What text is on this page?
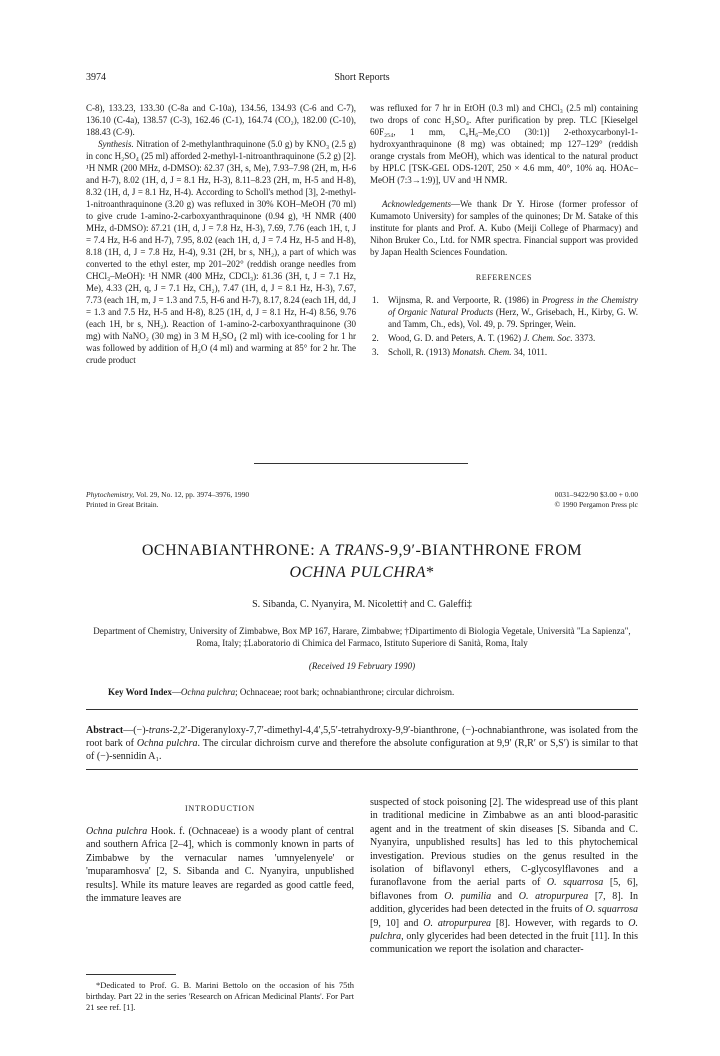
3974	Short Reports

C-8), 133.23, 133.30 (C-8a and C-10a), 134.56, 134.93 (C-6 and C-7), 136.10 (C-4a), 138.57 (C-3), 162.46 (C-1), 164.74 (CO₂), 182.00 (C-10), 188.43 (C-9).

Synthesis. Nitration of 2-methylanthraquinone (5.0 g) by KNO₃ (2.5 g) in conc H₂SO₄ (25 ml) afforded 2-methyl-1-nitroanthraquinone (5.2 g) [2]. ¹H NMR (200 MHz, d-DMSO): δ2.37 (3H, s, Me), 7.93–7.98 (2H, m, H-6 and H-7), 8.02 (1H, d, J = 8.1 Hz, H-3), 8.11–8.23 (2H, m, H-5 and H-8), 8.32 (1H, d, J = 8.1 Hz, H-4). According to Scholl's method [3], 2-methyl-1-nitroanthraquinone (3.20 g) was refluxed in 30% KOH–MeOH (70 ml) to give crude 1-amino-2-carboxyanthraquinone (0.94 g), ¹H NMR (400 MHz, d-DMSO): δ7.21 (1H, d, J = 7.8 Hz, H-3), 7.69, 7.76 (each 1H, t, J = 7.4 Hz, H-6 and H-7), 7.95, 8.02 (each 1H, d, J = 7.4 Hz, H-5 and H-8), 8.18 (1H, d, J = 7.8 Hz, H-4), 9.31 (2H, br s, NH₂), a part of which was converted to the ethyl ester, mp 201–202° (reddish orange needles from CHCl₃–MeOH): ¹H NMR (400 MHz, CDCl₃): δ1.36 (3H, t, J = 7.1 Hz, Me), 4.33 (2H, q, J = 7.1 Hz, CH₂), 7.47 (1H, d, J = 8.1 Hz, H-3), 7.67, 7.73 (each 1H, m, J = 1.3 and 7.5, H-6 and H-7), 8.17, 8.24 (each 1H, dd, J = 1.3 and 7.5 Hz, H-5 and H-8), 8.25 (1H, d, J = 8.1 Hz, H-4) 8.56, 9.76 (each 1H, br s, NH₂). Reaction of 1-amino-2-carboxyanthraquinone (30 mg) with NaNO₂ (30 mg) in 3 M H₂SO₄ (2 ml) with ice-cooling for 1 hr was followed by addition of H₂O (4 ml) and warming at 85° for 2 hr. The crude product

was refluxed for 7 hr in EtOH (0.3 ml) and CHCl₃ (2.5 ml) containing two drops of conc H₂SO₄. After purification by prep. TLC [Kieselgel 60F₂₅₄, 1 mm, C₆H₆–Me₂CO (30:1)] 2-ethoxycarbonyl-1-hydroxyanthraquinone (8 mg) was obtained; mp 127–129° (reddish orange crystals from MeOH), which was identical to the natural product by HPLC [TSK-GEL ODS-120T, 250 × 4.6 mm, 40°, 10% aq. HOAc–MeOH (7:3→1:9)], UV and ¹H NMR.

Acknowledgements—We thank Dr Y. Hirose (former professor of Kumamoto University) for samples of the quinones; Dr M. Satake of this institute for plants and Prof. A. Kubo (Meiji College of Pharmacy) and Nihon Bruker Co., Ltd. for NMR spectra. Financial support was provided by Japan Health Sciences Foundation.

REFERENCES

1. Wijnsma, R. and Verpoorte, R. (1986) in Progress in the Chemistry of Organic Natural Products (Herz, W., Grisebach, H., Kirby, G. W. and Tamm, Ch., eds), Vol. 49, p. 79. Springer, Wein.
2. Wood, G. D. and Peters, A. T. (1962) J. Chem. Soc. 3373.
3. Scholl, R. (1913) Monatsh. Chem. 34, 1011.
Phytochemistry, Vol. 29, No. 12, pp. 3974–3976, 1990
Printed in Great Britain.
0031–9422/90 $3.00 + 0.00
© 1990 Pergamon Press plc
OCHNABIANTHRONE: A TRANS-9,9′-BIANTHRONE FROM
OCHNA PULCHRA*
S. Sibanda, C. Nyanyira, M. Nicoletti† and C. Galeffi‡
Department of Chemistry, University of Zimbabwe, Box MP 167, Harare, Zimbabwe; †Dipartimento di Biologia Vegetale, Università "La Sapienza", Roma, Italy; ‡Laboratorio di Chimica del Farmaco, Istituto Superiore di Sanità, Roma, Italy
(Received 19 February 1990)
Key Word Index—Ochna pulchra; Ochnaceae; root bark; ochnabianthrone; circular dichroism.
Abstract—(−)-trans-2,2′-Digeranyloxy-7,7′-dimethyl-4,4′,5,5′-tetrahydroxy-9,9′-bianthrone, (−)-ochnabianthrone, was isolated from the root bark of Ochna pulchra. The circular dichroism curve and therefore the absolute configuration at 9,9′ (R,R′ or S,S′) is similar to that of (−)-sennidin A₁.
INTRODUCTION

Ochna pulchra Hook. f. (Ochnaceae) is a woody plant of central and southern Africa [2–4], which is commonly known in parts of Zimbabwe by the vernacular names 'umnyelenyele' or 'muparamhosva' [2, S. Sibanda and C. Nyanyira, unpublished results]. While its mature leaves are regarded as good cattle feed, the immature leaves are

suspected of stock poisoning [2]. The widespread use of this plant in traditional medicine in Zimbabwe as an anti blood-parasitic agent and in the treatment of skin diseases [S. Sibanda and C. Nyanyira, unpublished results] has led to this phytochemical investigation. Previous studies on the genus resulted in the isolation of biflavonyl ethers, C-glycosylflavones and a furanoflavone from the aerial parts of O. squarrosa [5, 6], biflavones from O. pumilia and O. atropurpurea [7, 8]. In addition, glycerides had been detected in the fruits of O. squarrosa [9, 10] and O. atropurpurea [8]. However, with regards to O. pulchra, only glycerides had been detected in the fruit [11]. In this communication we report the isolation and character-

*Dedicated to Prof. G. B. Marini Bettolo on the occasion of his 75th birthday. Part 22 in the series 'Research on African Medicinal Plants'. For Part 21 see ref. [1].
